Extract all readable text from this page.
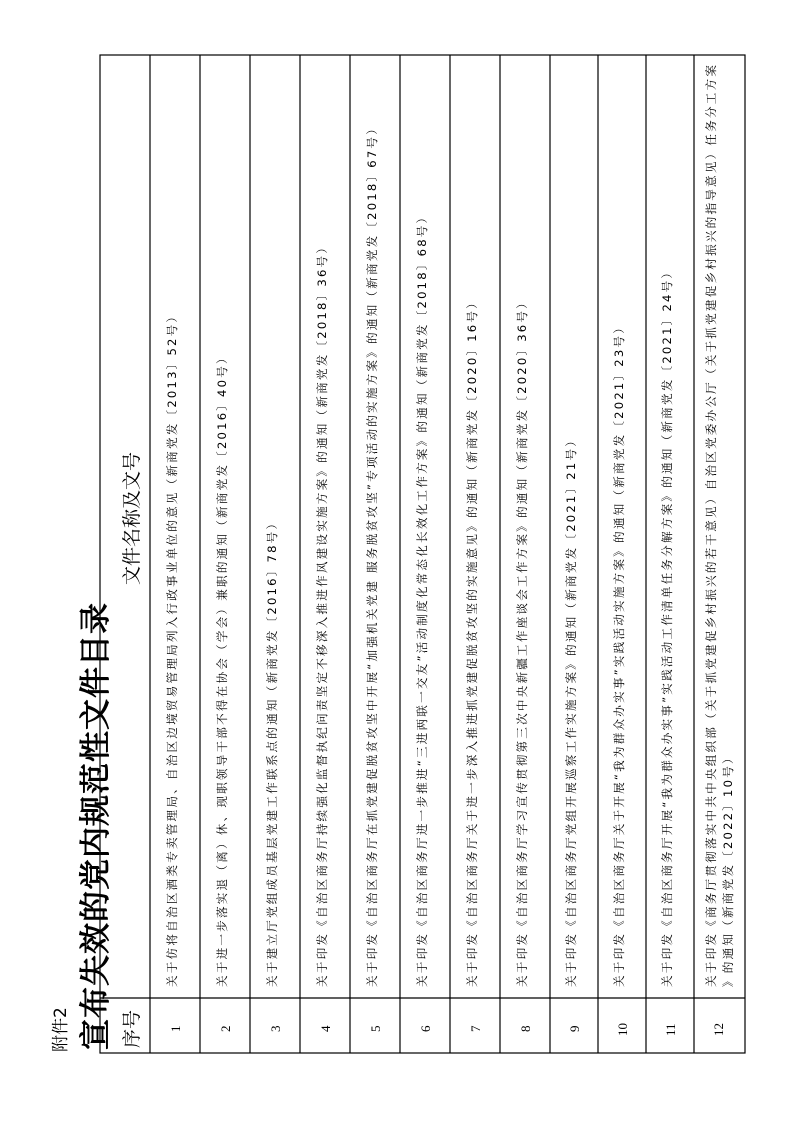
附件2 宣布失效的党内规范性文件目录
文件名称及文号
序号 1
关于仿将自治区酒类专卖管理局、自治区边境贸易管理局列入行政事业单位的意见（新商党发〔2013〕52号）
2
关于进一步落实退（离）休、现职领导干部不得在协会（学会）兼职的通知（新商党发〔2016〕40号）
3
关于建立厅党组成员基层党建工作联系点的通知（新商党发〔2016〕78号）
4
关于印发《自治区商务厅持续强化监督执纪问责坚定不移深入推进作风建设实施方案》的通知（新商党发〔2018〕36号）
5
关于印发《自治区商务厅在抓党建促脱贫攻坚中开展“加强机关党建 服务脱贫攻坚”专项活动的实施方案》的通知（新商党发〔2018〕67号）
6
关于印发《自治区商务厅进一步推进“三进两联一交友”活动制度化常态化长效化工作方案》的通知（新商党发〔2018〕68号）
7
关于印发《自治区商务厅关于进一步深入推进抓党建促脱贫攻坚的实施意见》的通知（新商党发〔2020〕16号）
8
关于印发《自治区商务厅学习宣传贯彻第三次中央新疆工作座谈会工作方案》的通知（新商党发〔2020〕36号）
9
关于印发《自治区商务厅党组开展巡察工作实施方案》的通知（新商党发〔2021〕21号）
10
关于印发《自治区商务厅关于开展“我为群众办实事”实践活动实施方案》的通知（新商党发〔2021〕23号）
11
关于印发《自治区商务厅开展“我为群众办实事”实践活动工作清单任务分解方案》的通知（新商党发〔2021〕24号）
12
关于印发《商务厅贯彻落实中共中央组织部（关于抓党建促乡村振兴的若干意见）自治区党委办公厅（关于抓党建促乡村振兴的指导意见）任务分工方案 》的通知（新商党发〔2022〕10号）
